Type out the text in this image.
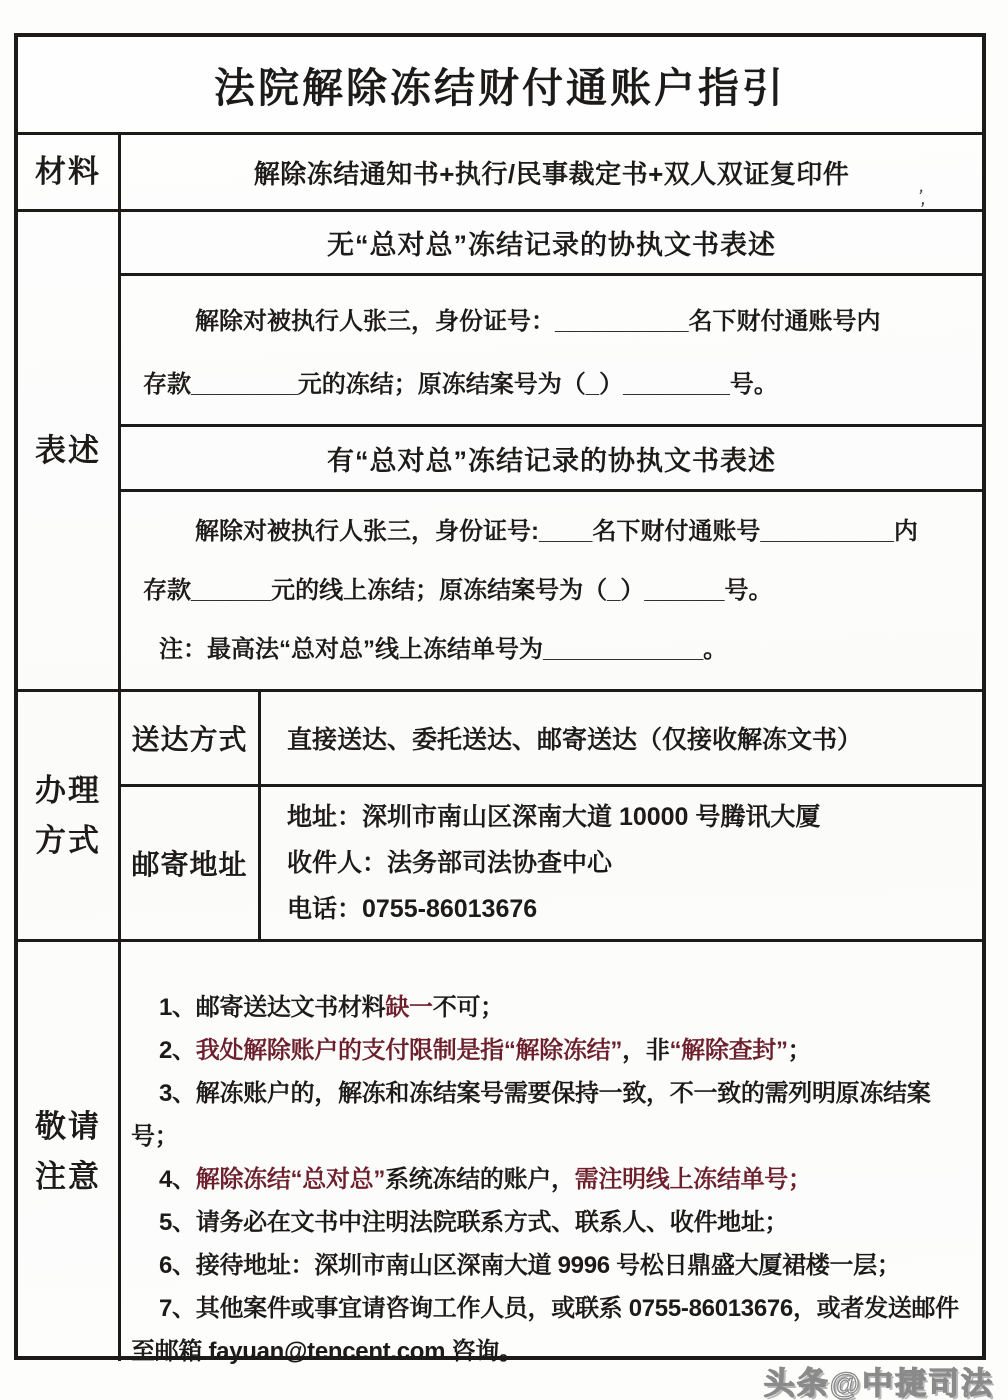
法院解除冻结财付通账户指引
材料	解除冻结通知书+执行/民事裁定书+双人双证复印件
’,
表述
无“总对总”冻结记录的协执文书表述
解除对被执行人张三，身份证号：__________名下财付通账号内
存款________元的冻结；原冻结案号为（_）________号。
有“总对总”冻结记录的协执文书表述
解除对被执行人张三，身份证号:____名下财付通账号__________内
存款______元的线上冻结；原冻结案号为（_）______号。
注：最高法“总对总”线上冻结单号为____________。
办理
方式
送达方式	直接送达、委托送达、邮寄送达（仅接收解冻文书）
邮寄地址
地址：深圳市南山区深南大道 10000 号腾讯大厦
收件人：法务部司法协查中心
电话：0755-86013676
敬请
注意

1、邮寄送达文书材料缺一不可；

2、我处解除账户的支付限制是指“解除冻结”，非“解除查封”；

3、解冻账户的，解冻和冻结案号需要保持一致，不一致的需列明原冻结案号；

4、解除冻结“总对总”系统冻结的账户，需注明线上冻结单号；

5、请务必在文书中注明法院联系方式、联系人、收件地址；

6、接待地址：深圳市南山区深南大道 9996 号松日鼎盛大厦裙楼一层；

7、其他案件或事宜请咨询工作人员，或联系 0755-86013676，或者发送邮件至邮箱 fayuan@tencent.com 咨询。

头条@中捷司法
